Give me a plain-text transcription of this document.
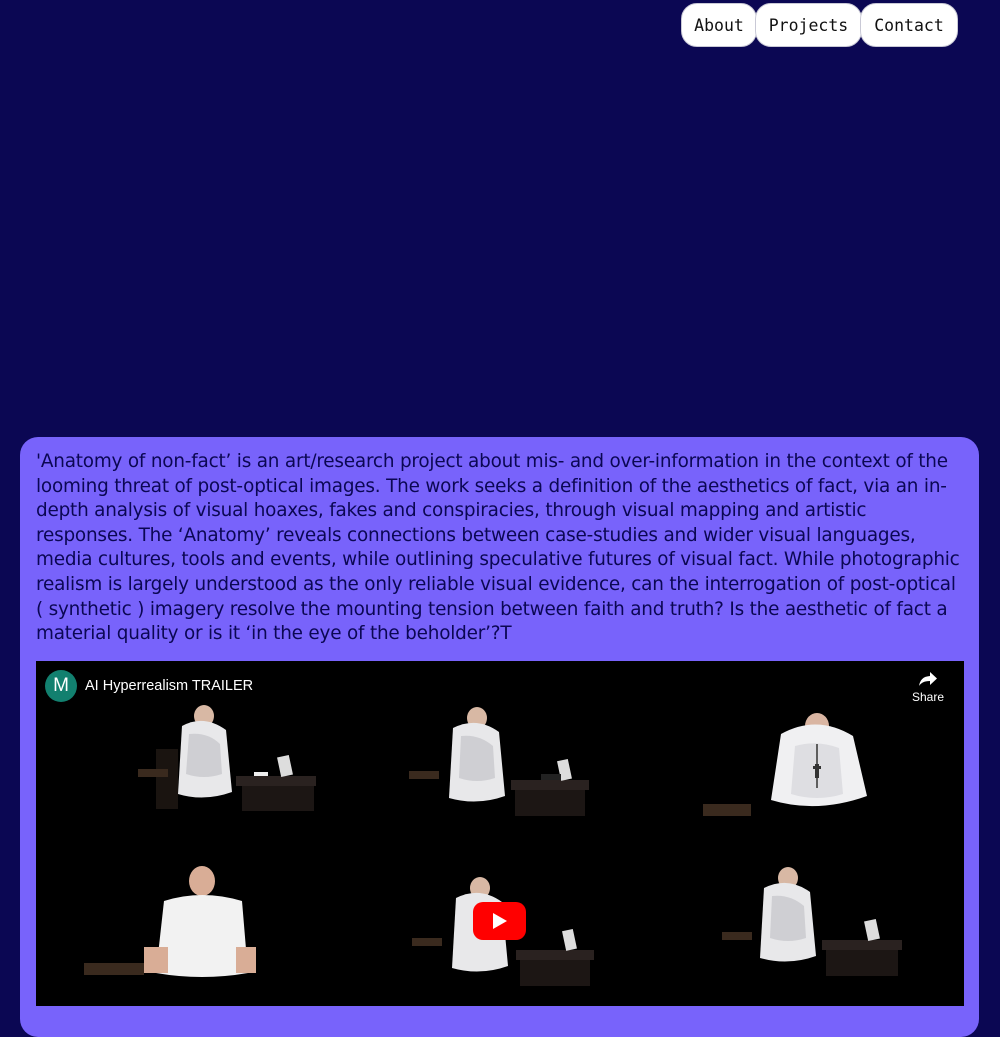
About	Projects	Contact

'Anatomy of non-fact’ is an art/research project about mis- and over-information in the context of the looming threat of post-optical images. The work seeks a definition of the aesthetics of fact, via an in-depth analysis of visual hoaxes, fakes and conspiracies, through visual mapping and artistic responses. The ‘Anatomy’ reveals connections between case-studies and wider visual languages, media cultures, tools and events, while outlining speculative futures of visual fact. While photographic realism is largely understood as the only reliable visual evidence, can the interrogation of post-optical ( synthetic ) imagery resolve the mounting tension between faith and truth? Is the aesthetic of fact a material quality or is it ‘in the eye of the beholder’?T

M	AI Hyperrealism TRAILER
Share
